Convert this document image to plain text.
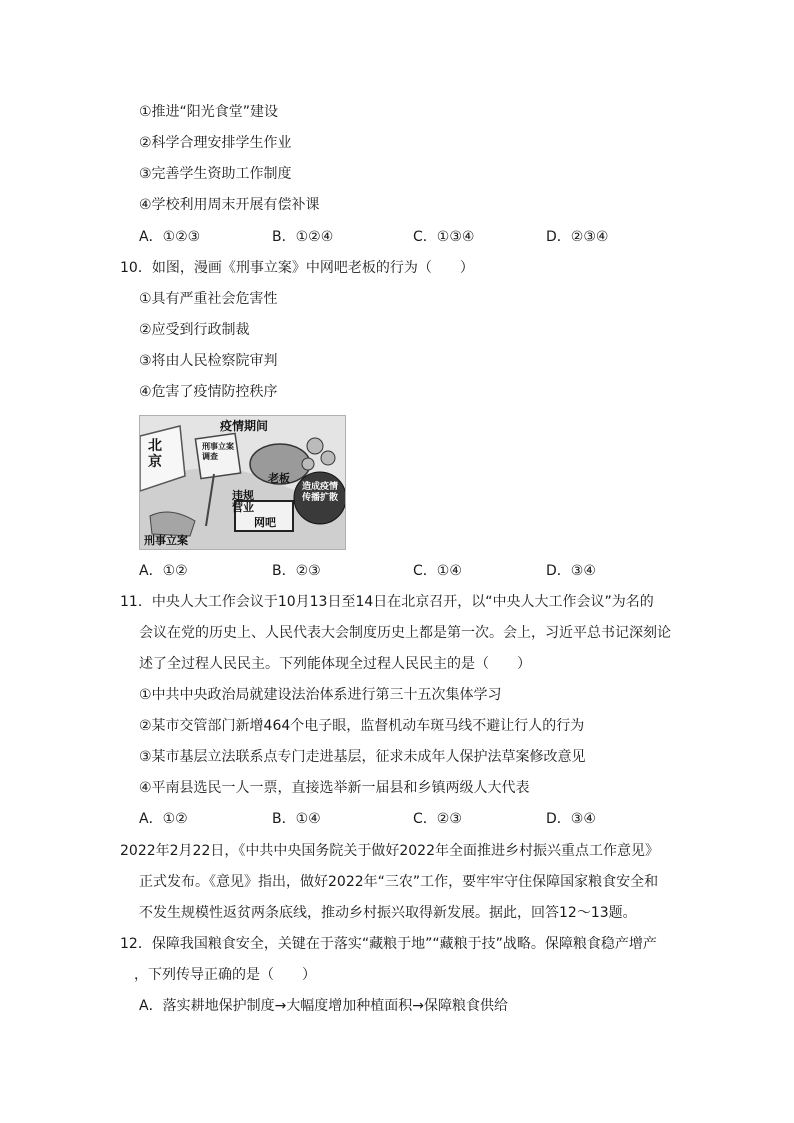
①推进“阳光食堂”建设
②科学合理安排学生作业
③完善学生资助工作制度
④学校利用周末开展有偿补课
A．①②③	B．①②④	C．①③④	D．②③④
10．如图，漫画《刑事立案》中网吧老板的行为（　　）
①具有严重社会危害性
②应受到行政制裁
③将由人民检察院审判
④危害了疫情防控秩序
北京
刑事立案调查
疫情期间
老板
违规营业
网吧
造成疫情传播扩散
刑事立案
A．①②	B．②③	C．①④	D．③④
11．中央人大工作会议于10月13日至14日在北京召开，以“中央人大工作会议”为名的
会议在党的历史上、人民代表大会制度历史上都是第一次。会上，习近平总书记深刻论
述了全过程人民民主。下列能体现全过程人民民主的是（　　）
①中共中央政治局就建设法治体系进行第三十五次集体学习
②某市交管部门新增464个电子眼，监督机动车斑马线不避让行人的行为
③某市基层立法联系点专门走进基层，征求未成年人保护法草案修改意见
④平南县选民一人一票，直接选举新一届县和乡镇两级人大代表
A．①②	B．①④	C．②③	D．③④
2022年2月22日，《中共中央国务院关于做好2022年全面推进乡村振兴重点工作意见》
正式发布。《意见》指出，做好2022年“三农”工作，要牢牢守住保障国家粮食安全和
不发生规模性返贫两条底线，推动乡村振兴取得新发展。据此，回答12～13题。
12．保障我国粮食安全，关键在于落实“藏粮于地”“藏粮于技”战略。保障粮食稳产增产
，下列传导正确的是（　　）
A．落实耕地保护制度→大幅度增加种植面积→保障粮食供给
